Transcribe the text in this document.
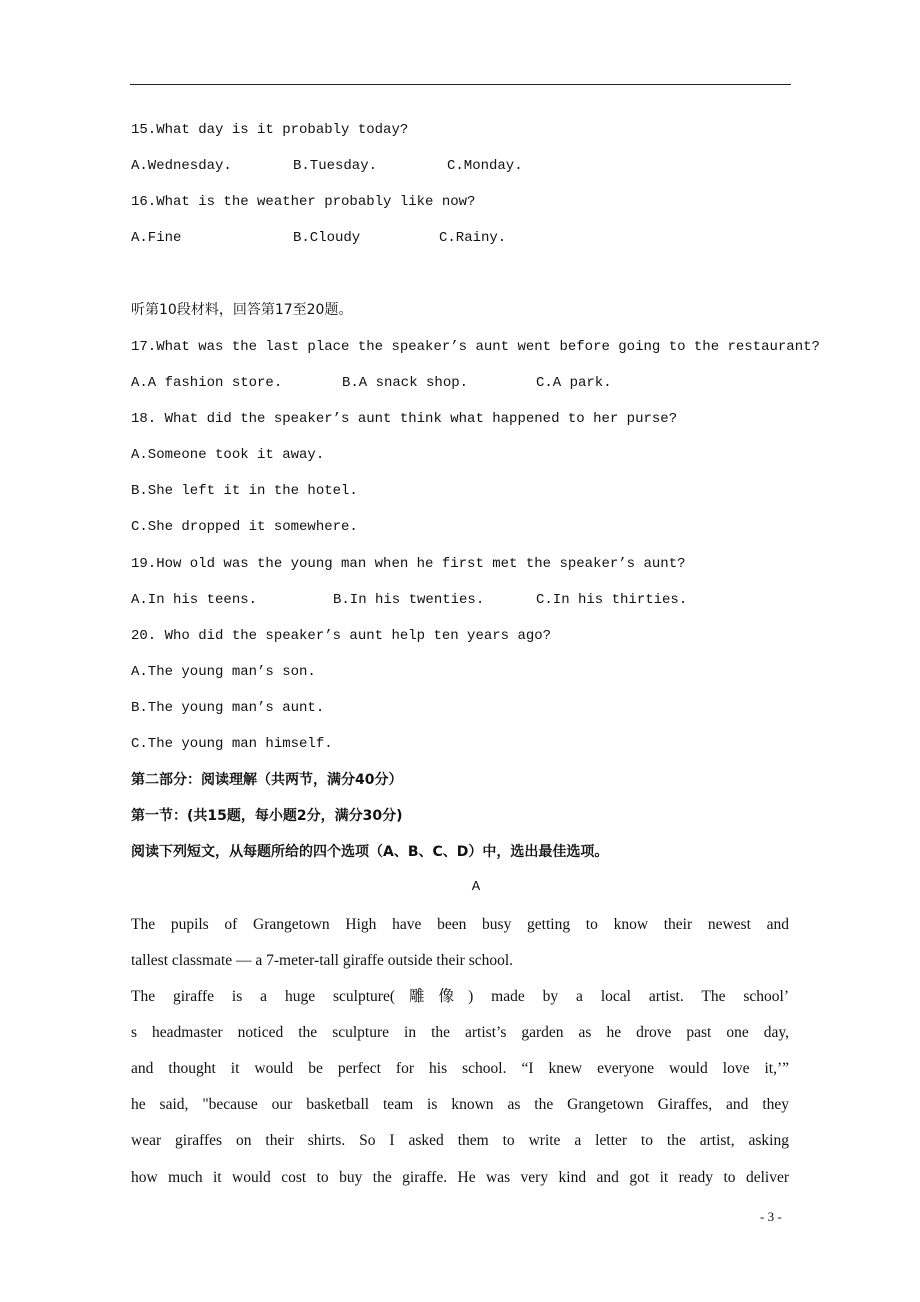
15.What day is it probably today?
A.Wednesday.	B.Tuesday.	C.Monday.
16.What is the weather probably like now?
A.Fine	B.Cloudy	C.Rainy.
听第10段材料，回答第17至20题。
17.What was the last place the speaker’s aunt went before going to the restaurant?
A.A fashion store.	B.A snack shop.	C.A park.
18. What did the speaker’s aunt think what happened to her purse?
A.Someone took it away.
B.She left it in the hotel.
C.She dropped it somewhere.
19.How old was the young man when he first met the speaker’s aunt?
A.In his teens.	B.In his twenties.	C.In his thirties.
20. Who did the speaker’s aunt help ten years ago?
A.The young man’s son.
B.The young man’s aunt.
C.The young man himself.
第二部分：阅读理解（共两节，满分40分）
第一节：(共15题，每小题2分，满分30分)
阅读下列短文，从每题所给的四个选项（A、B、C、D）中，选出最佳选项。
A
The pupils of Grangetown High have been busy getting to know their newest and
tallest classmate — a 7-meter-tall giraffe outside their school.
The giraffe is a huge sculpture(雕像) made by a local artist. The school’
s headmaster noticed the sculpture in the artist’s garden as he drove past one day,
and thought it would be perfect for his school. “I knew everyone would love it,’”
he said, "because our basketball team is known as the Grangetown Giraffes, and they
wear giraffes on their shirts. So I asked them to write a letter to the artist, asking
how much it would cost to buy the giraffe. He was very kind and got it ready to deliver
- 3 -
